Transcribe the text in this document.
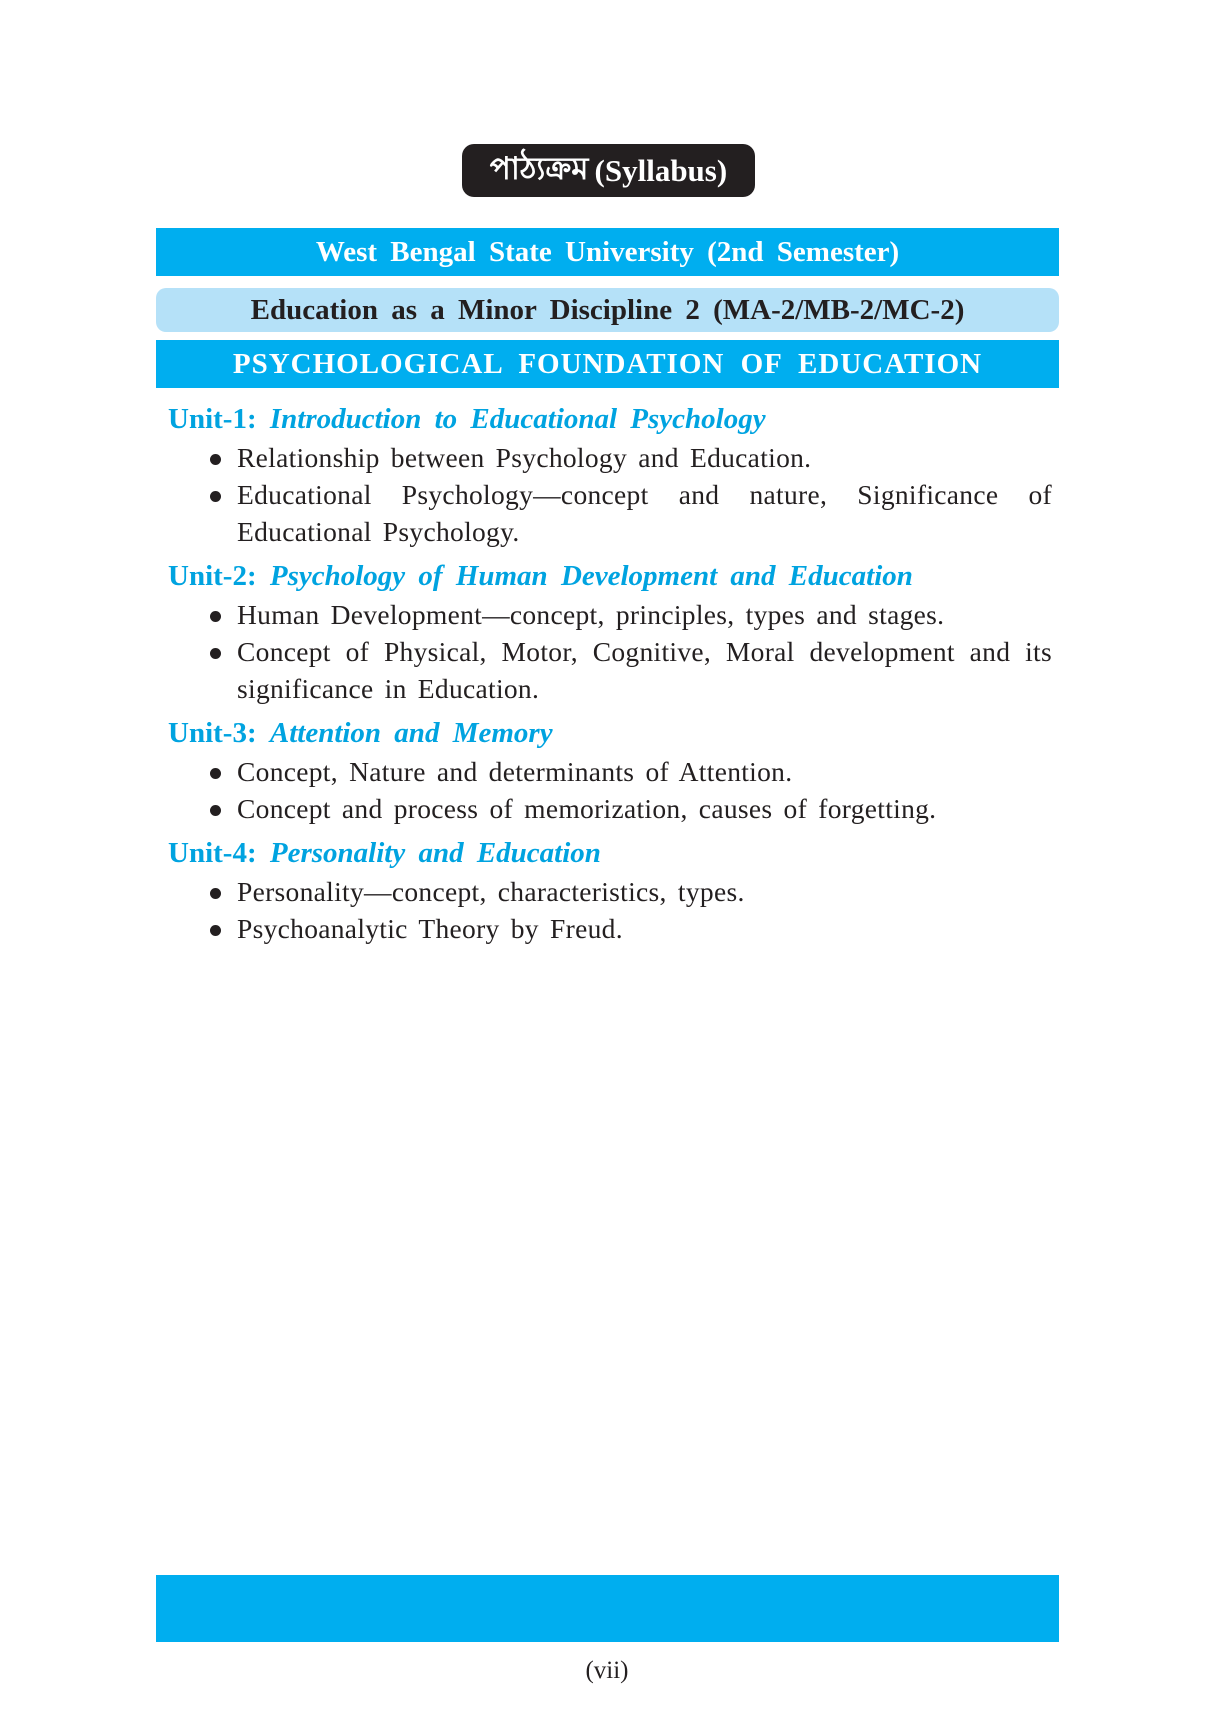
পাঠ্যক্রম (Syllabus)
West Bengal State University (2nd Semester)
Education as a Minor Discipline 2 (MA-2/MB-2/MC-2)
PSYCHOLOGICAL FOUNDATION OF EDUCATION
Unit-1: Introduction to Educational Psychology
Relationship between Psychology and Education.
Educational Psychology—concept and nature, Significance of Educational Psychology.
Unit-2: Psychology of Human Development and Education
Human Development—concept, principles, types and stages.
Concept of Physical, Motor, Cognitive, Moral development and its significance in Education.
Unit-3: Attention and Memory
Concept, Nature and determinants of Attention.
Concept and process of memorization, causes of forgetting.
Unit-4: Personality and Education
Personality—concept, characteristics, types.
Psychoanalytic Theory by Freud.
(vii)
